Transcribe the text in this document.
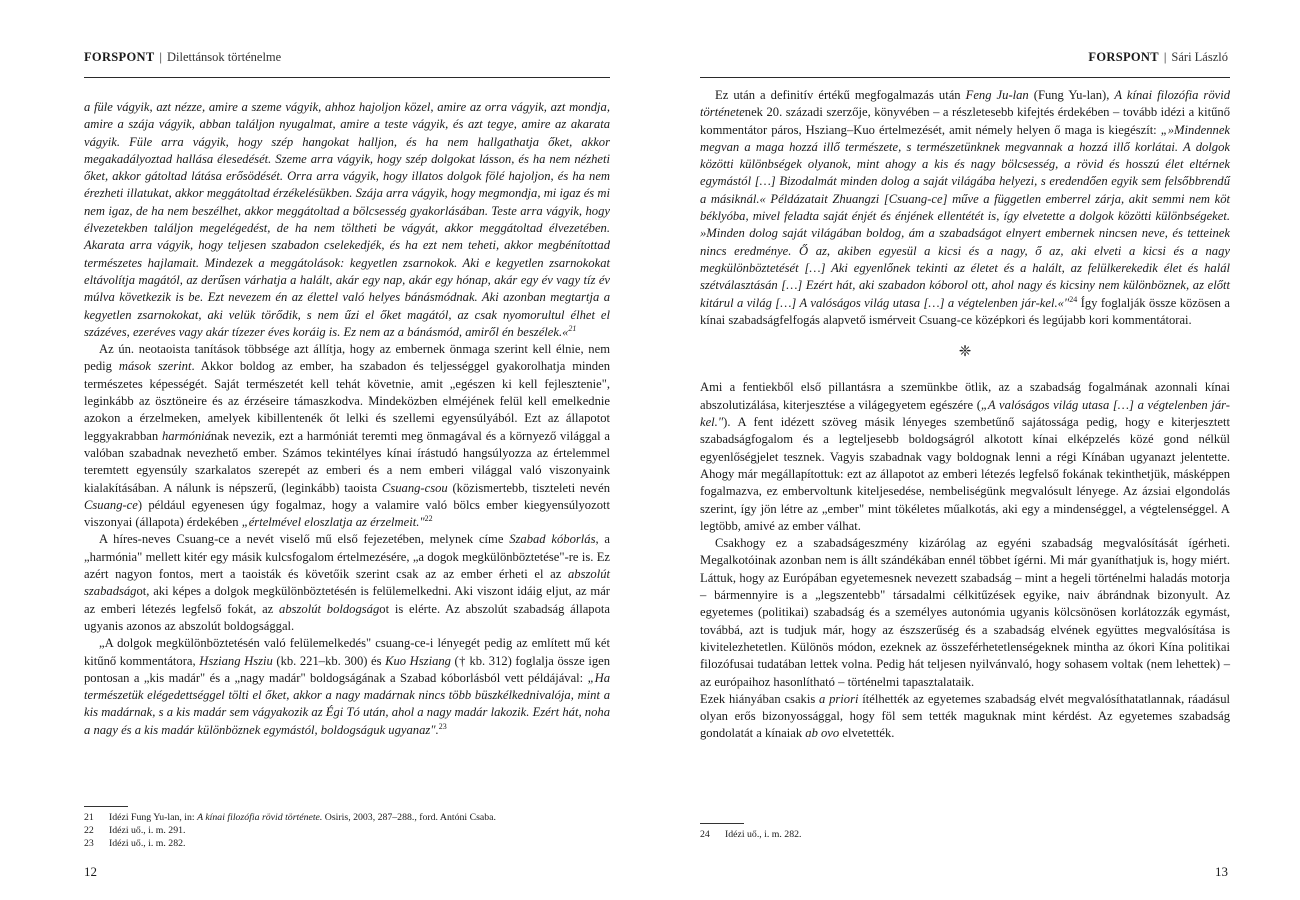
FORSPONT | Dilettánsok történelme

a füle vágyik, azt nézze, amire a szeme vágyik, ahhoz hajoljon közel, amire az orra vágyik, azt mondja, amire a szája vágyik, abban találjon nyugalmat, amire a teste vágyik, és azt tegye, amire az akarata vágyik. Füle arra vágyik, hogy szép hangokat halljon, és ha nem hallgathatja őket, akkor megakadályoztad hallása élesedését. Szeme arra vágyik, hogy szép dolgokat lásson, és ha nem nézheti őket, akkor gátoltad látása erősödését. Orra arra vágyik, hogy illatos dolgok fölé hajoljon, és ha nem érezheti illatukat, akkor meggátoltad érzékelésükben. Szája arra vágyik, hogy megmondja, mi igaz és mi nem igaz, de ha nem beszélhet, akkor meggátoltad a bölcsesség gyakorlásában. Teste arra vágyik, hogy élvezetekben találjon megelégedést, de ha nem töltheti be vágyát, akkor meggátoltad élvezetében. Akarata arra vágyik, hogy teljesen szabadon cselekedjék, és ha ezt nem teheti, akkor megbénítottad természetes hajlamait. Mindezek a meggátolások: kegyetlen zsarnokok. Aki e kegyetlen zsarnokokat eltávolítja magától, az derűsen várhatja a halált, akár egy nap, akár egy hónap, akár egy év vagy tíz év múlva következik is be. Ezt nevezem én az élettel való helyes bánásmódnak. Aki azonban megtartja a kegyetlen zsarnokokat, aki velük törődik, s nem űzi el őket magától, az csak nyomorultul élhet el százéves, ezeréves vagy akár tízezer éves koráig is. Ez nem az a bánásmód, amiről én beszélek.«$^{21}$

Az ún. neotaoista tanítások többsége azt állítja, hogy az embernek önmaga szerint kell élnie, nem pedig mások szerint. Akkor boldog az ember, ha szabadon és teljességgel gyakorolhatja minden természetes képességét. Saját természetét kell tehát követnie, amit „egészen ki kell fejlesztenie", leginkább az ösztöneire és az érzéseire támaszkodva. Mindeközben elméjének felül kell emelkednie azokon a érzelmeken, amelyek kibillentenék őt lelki és szellemi egyensúlyából. Ezt az állapotot leggyakrabban harmóniának nevezik, ezt a harmóniát teremti meg önmagával és a környező világgal a valóban szabadnak nevezhető ember. Számos tekintélyes kínai írástudó hangsúlyozza az értelemmel teremtett egyensúly szarkalatos szerepét az emberi és a nem emberi világgal való viszonyaink kialakításában. A nálunk is népszerű, (leginkább) taoista Csuang-csou (közismertebb, tiszteleti nevén Csuang-ce) például egyenesen úgy fogalmaz, hogy a valamire való bölcs ember kiegyensúlyozott viszonyai (állapota) érdekében „értelmével eloszlatja az érzelmeit."$^{22}$

A híres-neves Csuang-ce a nevét viselő mű első fejezetében, melynek címe Szabad kóborlás, a „harmónia" mellett kitér egy másik kulcsfogalom értelmezésére, „a dogok megkülönböztetése"-re is. Ez azért nagyon fontos, mert a taoisták és követőik szerint csak az az ember érheti el az abszolút szabadságot, aki képes a dolgok megkülönböztetésén is felülemelkedni. Aki viszont idáig eljut, az már az emberi létezés legfelső fokát, az abszolút boldogságot is elérte. Az abszolút szabadság állapota ugyanis azonos az abszolút boldogsággal.

„A dolgok megkülönböztetésén való felülemelkedés" csuang-ce-i lényegét pedig az említett mű két kitűnő kommentátora, Hsziang Hsziu (kb. 221–kb. 300) és Kuo Hsziang († kb. 312) foglalja össze igen pontosan a „kis madár" és a „nagy madár" boldogságának a Szabad kóborlásból vett példájával: „Ha természetük elégedettséggel tölti el őket, akkor a nagy madárnak nincs több büszkélkednivalója, mint a kis madárnak, s a kis madár sem vágyakozik az Égi Tó után, ahol a nagy madár lakozik. Ezért hát, noha a nagy és a kis madár különböznek egymástól, boldogságuk ugyanaz".$^{23}$

21	Idézi Fung Yu-lan, in: A kínai filozófia rövid története. Osiris, 2003, 287–288., ford. Antóni Csaba.
22	Idézi uő., i. m. 291.
23	Idézi uő., i. m. 282.
12
FORSPONT | Sári László

Ez után a definitív értékű megfogalmazás után Feng Ju-lan (Fung Yu-lan), A kínai filozófia rövid történetenek 20. századi szerzője, könyvében – a részletesebb kifejtés érdekében – tovább idézi a kitűnő kommentátor páros, Hsziang–Kuo értelmezését, amit némely helyen ő maga is kiegészít: „»Mindennek megvan a maga hozzá illő természete, s természetünknek megvannak a hozzá illő korlátai. A dolgok közötti különbségek olyanok, mint ahogy a kis és nagy bölcsesség, a rövid és hosszú élet eltérnek egymástól […] Bizodalmát minden dolog a saját világába helyezi, s eredendően egyik sem felsőbbrendű a másiknál.« Példázatait Zhuangzi [Csuang-ce] műve a független emberrel zárja, akit semmi nem köt béklyóba, mivel feladta saját énjét és énjének ellentétét is, így elvetette a dolgok közötti különbségeket. »Minden dolog saját világában boldog, ám a szabadságot elnyert embernek nincsen neve, és tetteinek nincs eredménye. Ő az, akiben egyesül a kicsi és a nagy, ő az, aki elveti a kicsi és a nagy megkülönböztetését […] Aki egyenlőnek tekinti az életet és a halált, az felülkerekedik élet és halál szétválasztásán […] Ezért hát, aki szabadon kóborol ott, ahol nagy és kicsiny nem különböznek, az előtt kitárul a világ […] A valóságos világ utasa […] a végtelenben jár-kel.«"$^{24}$ Így foglalják össze közösen a kínai szabadságfelfogás alapvető ismérveit Csuang-ce középkori és legújabb kori kommentátorai.

❈

Ami a fentiekből első pillantásra a szemünkbe ötlik, az a szabadság fogalmának azonnali kínai abszolutizálása, kiterjesztése a világegyetem egészére („A valóságos világ utasa […] a végtelenben jár-kel."). A fent idézett szöveg másik lényeges szembetűnő sajátossága pedig, hogy e kiterjesztett szabadságfogalom és a legteljesebb boldogságról alkotott kínai elképzelés közé gond nélkül egyenlőségjelet tesznek. Vagyis szabadnak vagy boldognak lenni a régi Kínában ugyanazt jelentette. Ahogy már megállapítottuk: ezt az állapotot az emberi létezés legfelső fokának tekinthetjük, másképpen fogalmazva, ez embervoltunk kiteljesedése, nembeliségünk megvalósult lényege. Az ázsiai elgondolás szerint, így jön létre az „ember" mint tökéletes műalkotás, aki egy a mindenséggel, a végtelenséggel. A legtöbb, amivé az ember válhat.

Csakhogy ez a szabadságeszmény kizárólag az egyéni szabadság megvalósítását ígérheti. Megalkotóinak azonban nem is állt szándékában ennél többet ígérni. Mi már gyaníthatjuk is, hogy miért. Láttuk, hogy az Európában egyetemesnek nevezett szabadság – mint a hegeli történelmi haladás motorja – bármennyire is a „legszentebb" társadalmi célkitűzések egyike, naiv ábrándnak bizonyult. Az egyetemes (politikai) szabadság és a személyes autonómia ugyanis kölcsönösen korlátozzák egymást, továbbá, azt is tudjuk már, hogy az észszerűség és a szabadság elvének együttes megvalósítása is kivitelezhetetlen. Különös módon, ezeknek az összeférhetetlenségeknek mintha az ókori Kína politikai filozófusai tudatában lettek volna. Pedig hát teljesen nyilvánvaló, hogy sohasem voltak (nem lehettek) – az európaihoz hasonlítható – történelmi tapasztalataik.

Ezek hiányában csakis a priori ítélhették az egyetemes szabadság elvét megvalósíthatatlannak, ráadásul olyan erős bizonyossággal, hogy föl sem tették maguknak mint kérdést. Az egyetemes szabadság gondolatát a kínaiak ab ovo elvetették.

24	Idézi uő., i. m. 282.
13
